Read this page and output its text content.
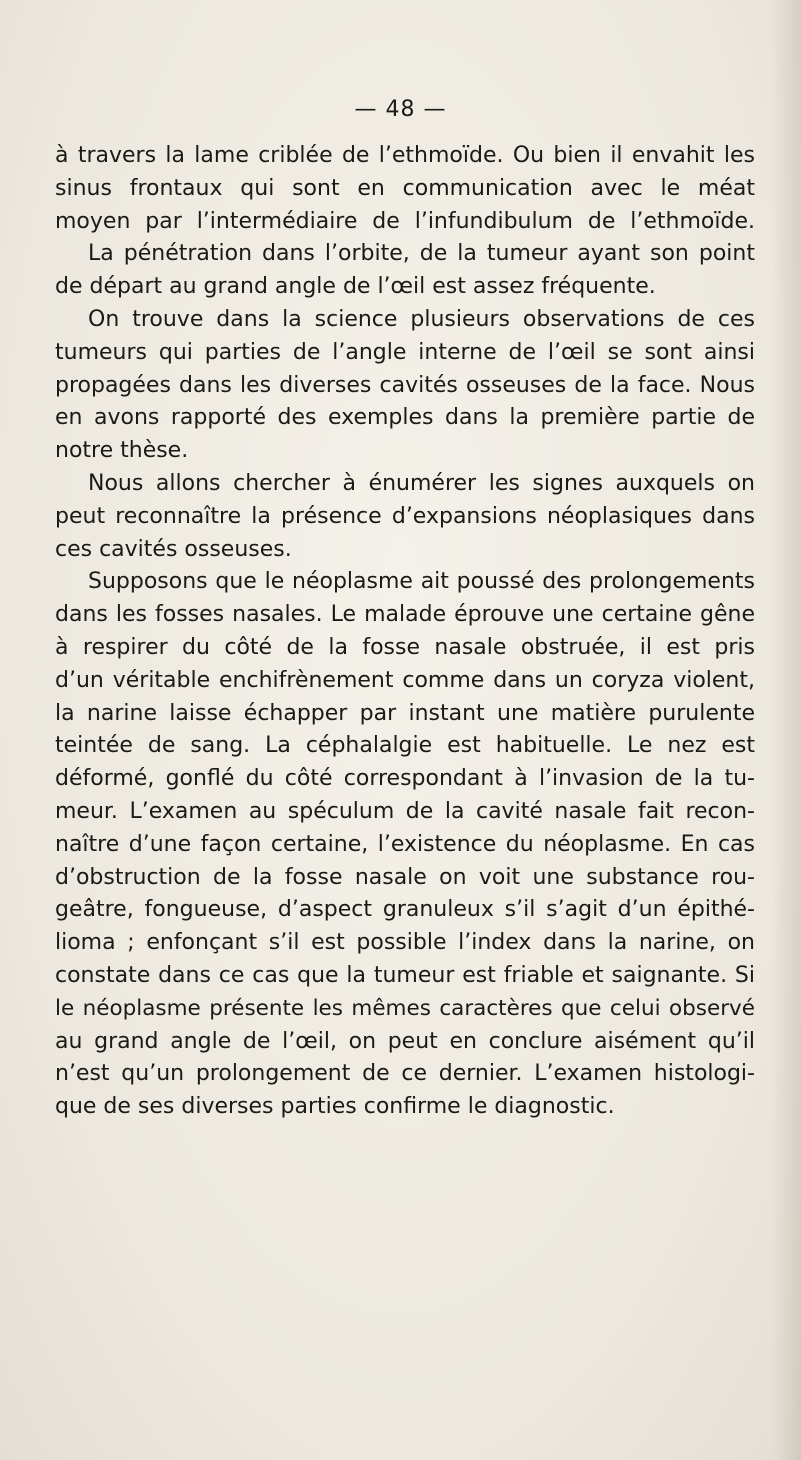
— 48 —
à travers la lame criblée de l’ethmoïde. Ou bien il envahit les
sinus frontaux qui sont en communication avec le méat
moyen par l’intermédiaire de l’infundibulum de l’ethmoïde.
La pénétration dans l’orbite, de la tumeur ayant son point
de départ au grand angle de l’œil est assez fréquente.
On trouve dans la science plusieurs observations de ces
tumeurs qui parties de l’angle interne de l’œil se sont ainsi
propagées dans les diverses cavités osseuses de la face. Nous
en avons rapporté des exemples dans la première partie de
notre thèse.
Nous allons chercher à énumérer les signes auxquels on
peut reconnaître la présence d’expansions néoplasiques dans
ces cavités osseuses.
Supposons que le néoplasme ait poussé des prolongements
dans les fosses nasales. Le malade éprouve une certaine gêne
à respirer du côté de la fosse nasale obstruée, il est pris
d’un véritable enchifrènement comme dans un coryza violent,
la narine laisse échapper par instant une matière purulente
teintée de sang. La céphalalgie est habituelle. Le nez est
déformé, gonflé du côté correspondant à l’invasion de la tu-
meur. L’examen au spéculum de la cavité nasale fait recon-
naître d’une façon certaine, l’existence du néoplasme. En cas
d’obstruction de la fosse nasale on voit une substance rou-
geâtre, fongueuse, d’aspect granuleux s’il s’agit d’un épithé-
lioma ; enfonçant s’il est possible l’index dans la narine, on
constate dans ce cas que la tumeur est friable et saignante. Si
le néoplasme présente les mêmes caractères que celui observé
au grand angle de l’œil, on peut en conclure aisément qu’il
n’est qu’un prolongement de ce dernier. L’examen histologi-
que de ses diverses parties confirme le diagnostic.
